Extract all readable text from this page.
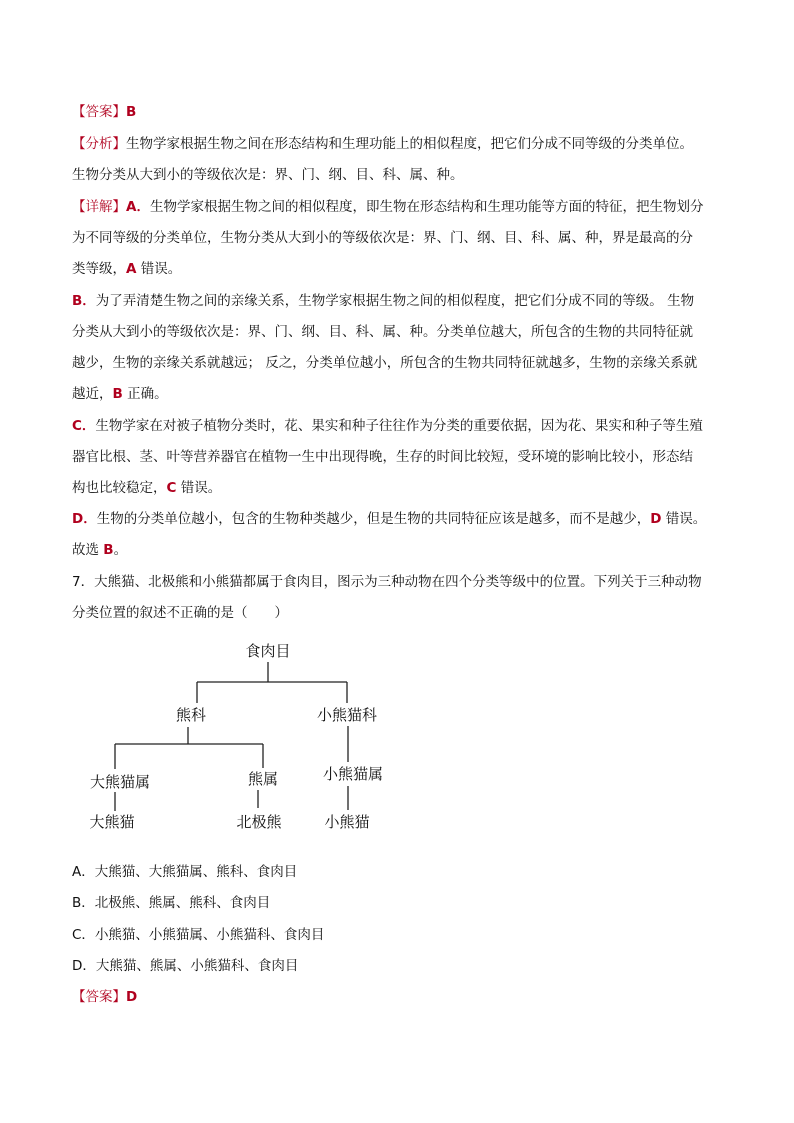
【答案】B
【分析】生物学家根据生物之间在形态结构和生理功能上的相似程度，把它们分成不同等级的分类单位。
生物分类从大到小的等级依次是：界、门、纲、目、科、属、种。
【详解】A．生物学家根据生物之间的相似程度，即生物在形态结构和生理功能等方面的特征，把生物划分
为不同等级的分类单位，生物分类从大到小的等级依次是：界、门、纲、目、科、属、种，界是最高的分
类等级，A 错误。
B．为了弄清楚生物之间的亲缘关系，生物学家根据生物之间的相似程度，把它们分成不同的等级。 生物
分类从大到小的等级依次是：界、门、纲、目、科、属、种。分类单位越大，所包含的生物的共同特征就
越少，生物的亲缘关系就越远； 反之，分类单位越小，所包含的生物共同特征就越多，生物的亲缘关系就
越近，B 正确。
C．生物学家在对被子植物分类时，花、果实和种子往往作为分类的重要依据，因为花、果实和种子等生殖
器官比根、茎、叶等营养器官在植物一生中出现得晚，生存的时间比较短，受环境的影响比较小，形态结
构也比较稳定，C 错误。
D．生物的分类单位越小，包含的生物种类越少，但是生物的共同特征应该是越多，而不是越少，D 错误。
故选 B。
7．大熊猫、北极熊和小熊猫都属于食肉目，图示为三种动物在四个分类等级中的位置。下列关于三种动物
分类位置的叙述不正确的是（　　）
食肉目
熊科	小熊猫科
大熊猫属	熊属	小熊猫属
大熊猫	北极熊	小熊猫
A．大熊猫、大熊猫属、熊科、食肉目
B．北极熊、熊属、熊科、食肉目
C．小熊猫、小熊猫属、小熊猫科、食肉目
D．大熊猫、熊属、小熊猫科、食肉目
【答案】D
